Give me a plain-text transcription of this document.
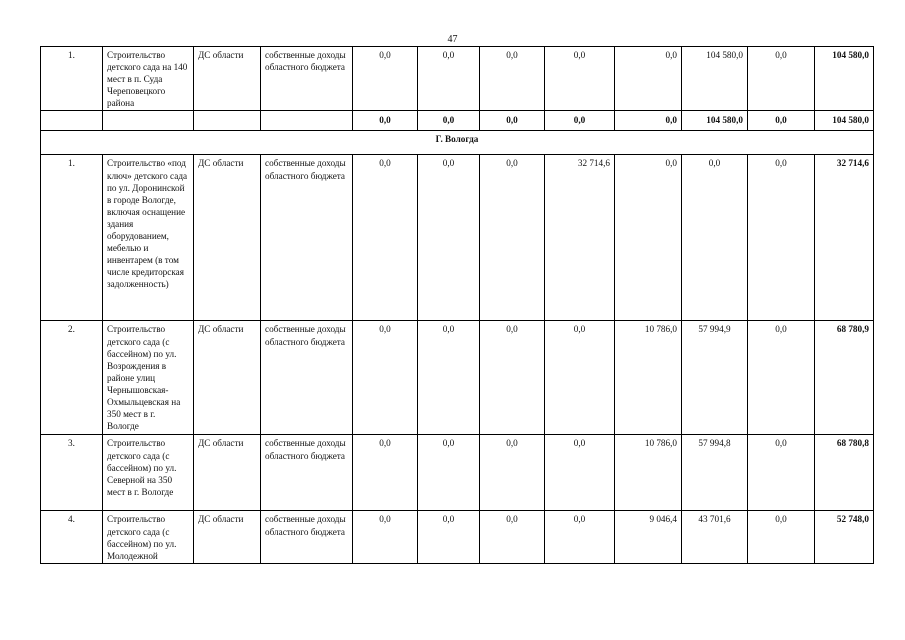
47
1.	Строительство детского сада на 140 мест в п. Суда Череповецкого района	ДС области	собственные доходы областного бюджета	0,0	0,0	0,0	0,0	0,0	104 580,0	0,0	104 580,0
				0,0	0,0	0,0	0,0	0,0	104 580,0	0,0	104 580,0
Г. Вологда											
1.	Строительство «под ключ» детского сада по ул. Доронинской в городе Вологде, включая оснащение здания оборудованием, мебелью и инвентарем (в том числе кредиторская задолженность)	ДС области	собственные доходы областного бюджета	0,0	0,0	0,0	32 714,6	0,0	0,0	0,0	32 714,6
2.	Строительство детского сада (с бассейном) по ул. Возрождения в районе улиц Чернышовская-Охмыльцевская на 350 мест в г. Вологде	ДС области	собственные доходы областного бюджета	0,0	0,0	0,0	0,0	10 786,0	57 994,9	0,0	68 780,9
3.	Строительство детского сада (с бассейном) по ул. Северной на 350 мест в г. Вологде	ДС области	собственные доходы областного бюджета	0,0	0,0	0,0	0,0	10 786,0	57 994,8	0,0	68 780,8
4.	Строительство детского сада (с бассейном) по ул. Молодежной	ДС области	собственные доходы областного бюджета	0,0	0,0	0,0	0,0	9 046,4	43 701,6	0,0	52 748,0
